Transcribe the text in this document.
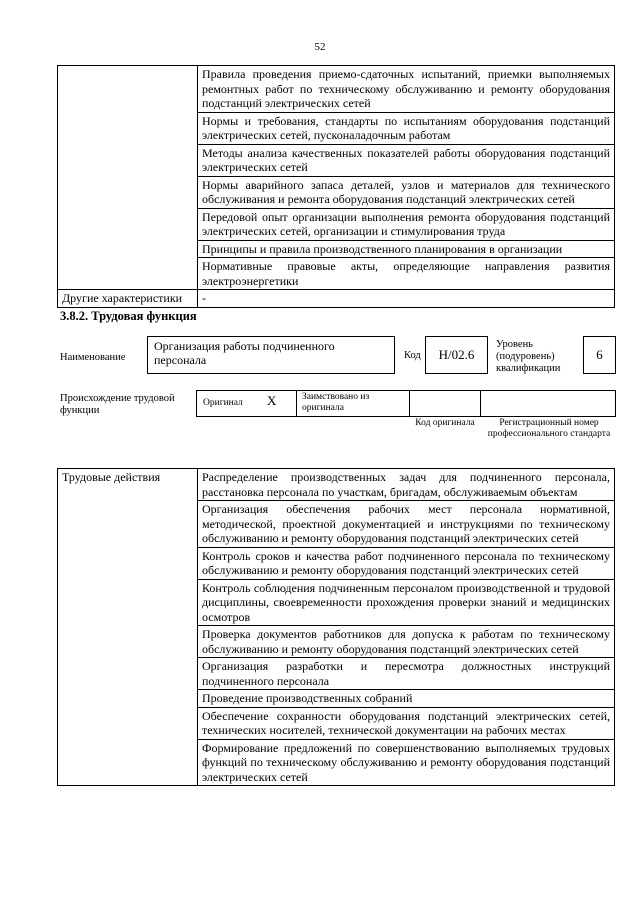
52
	Правила проведения приемо-сдаточных испытаний, приемки выполняемых ремонтных работ по техническому обслуживанию и ремонту оборудования подстанций электрических сетей
	Нормы и требования, стандарты по испытаниям оборудования подстанций электрических сетей, пусконаладочным работам
	Методы анализа качественных показателей работы оборудования подстанций электрических сетей
	Нормы аварийного запаса деталей, узлов и материалов для технического обслуживания и ремонта оборудования подстанций электрических сетей
	Передовой опыт организации выполнения ремонта оборудования подстанций электрических сетей, организации и стимулирования труда
	Принципы и правила производственного планирования в организации
	Нормативные правовые акты, определяющие направления развития электроэнергетики
Другие характеристики	-
3.8.2. Трудовая функция
Наименование
Организация работы подчиненного персонала	Код	H/02.6
Уровень (подуровень) квалификации
6
Происхождение трудовой функции
Оригинал X	Заимствовано из оригинала
Код оригинала	Регистрационный номер профессионального стандарта
Трудовые действия	Распределение производственных задач для подчиненного персонала, расстановка персонала по участкам, бригадам, обслуживаемым объектам
Организация обеспечения рабочих мест персонала нормативной, методической, проектной документацией и инструкциями по техническому обслуживанию и ремонту оборудования подстанций электрических сетей
Контроль сроков и качества работ подчиненного персонала по техническому обслуживанию и ремонту оборудования подстанций электрических сетей
Контроль соблюдения подчиненным персоналом производственной и трудовой дисциплины, своевременности прохождения проверки знаний и медицинских осмотров
Проверка документов работников для допуска к работам по техническому обслуживанию и ремонту оборудования подстанций электрических сетей
Организация разработки и пересмотра должностных инструкций подчиненного персонала
Проведение производственных собраний
Обеспечение сохранности оборудования подстанций электрических сетей, технических носителей, технической документации на рабочих местах
Формирование предложений по совершенствованию выполняемых трудовых функций по техническому обслуживанию и ремонту оборудования подстанций электрических сетей
